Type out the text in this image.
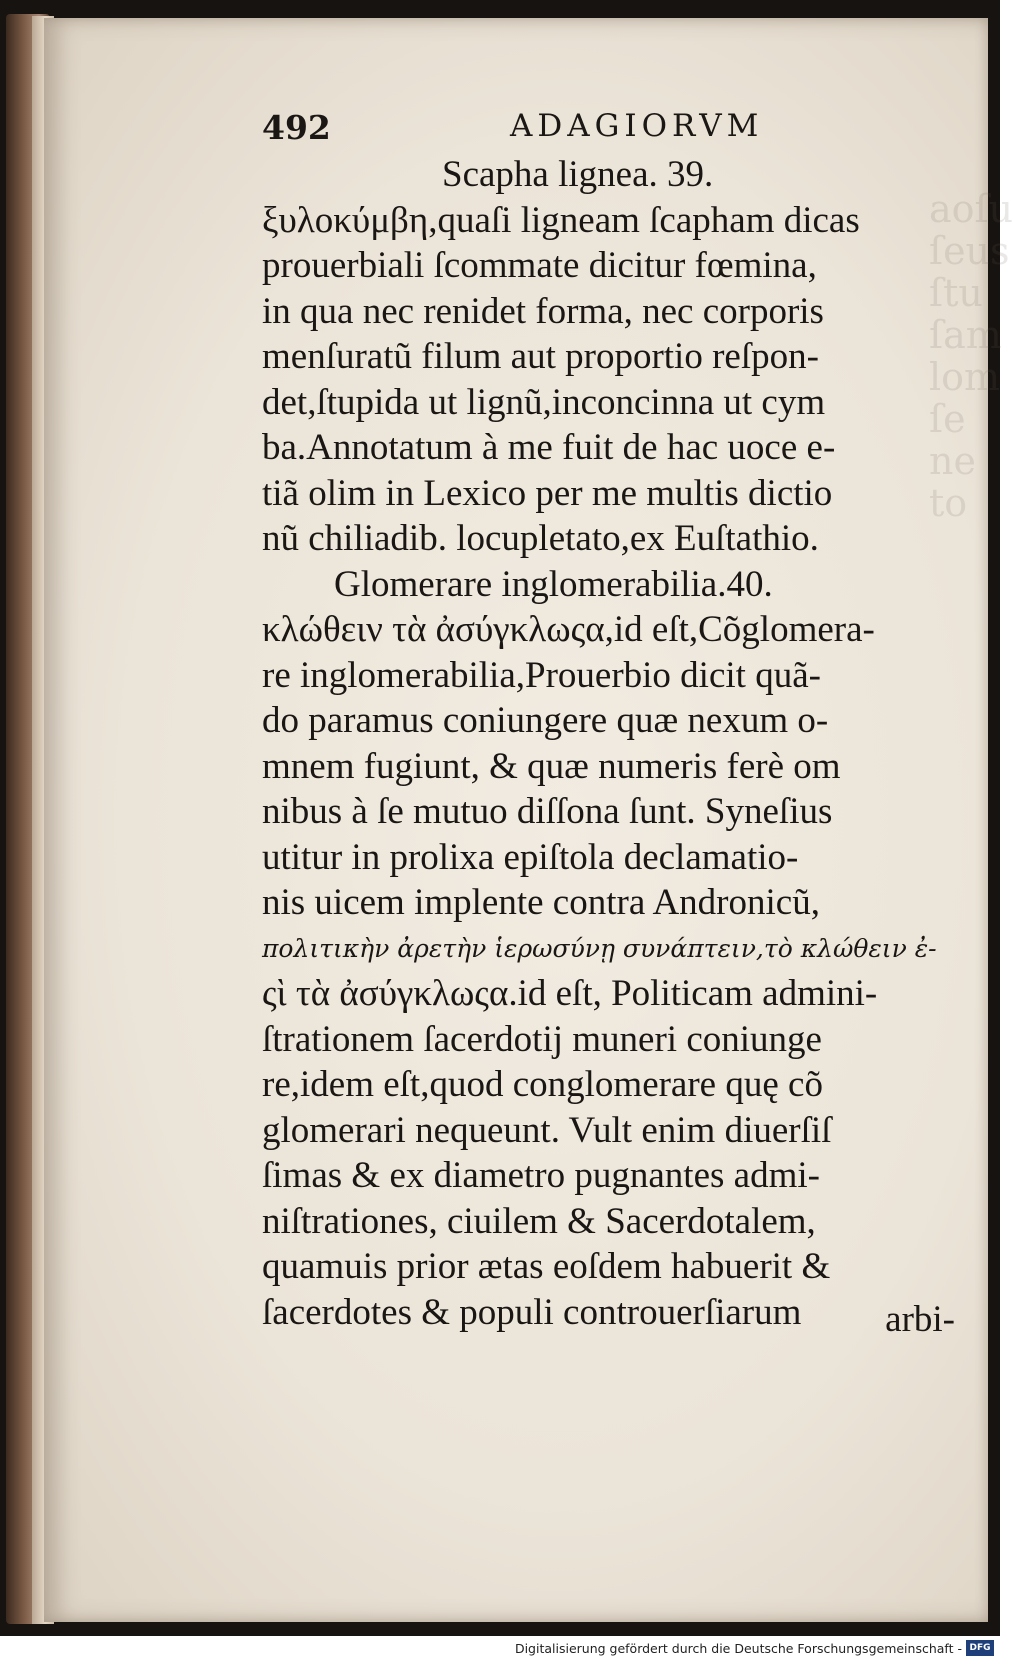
aoſu
ſeus
ſtu
ſam
lom
ſe
ne
to
492	ADAGIORVM
Scapha lignea. 39.
ξυλοκύμβη,quaſi ligneam ſcapham dicas
prouerbiali ſcommate dicitur fœmina,
in qua nec renidet forma, nec corporis
menſuratũ filum aut proportio reſpon-
det,ſtupida ut lignũ,inconcinna ut cym
ba.Annotatum à me fuit de hac uoce e-
tiã olim in Lexico per me multis dictio
nũ chiliadib. locupletato,ex Euſtathio.
Glomerare inglomerabilia.40.
κλώθειν τὰ ἀσύγκλωςα,id eſt,Cõglomera-
re inglomerabilia,Prouerbio dicit quã-
do paramus coniungere quæ nexum o-
mnem fugiunt, & quæ numeris ferè om
nibus à ſe mutuo diſſona ſunt. Syneſius
utitur in prolixa epiſtola declamatio-
nis uicem implente contra Andronicũ,
πολιτικὴν ἀρετὴν ἱερωσύνῃ συνάπτειν,τὸ κλώθειν ἐ-
ςὶ τὰ ἀσύγκλωςα.id eſt, Politicam admini-
ſtrationem ſacerdotij muneri coniunge
re,idem eſt,quod conglomerare quę cõ
glomerari nequeunt. Vult enim diuerſiſ
ſimas & ex diametro pugnantes admi-
niſtrationes, ciuilem & Sacerdotalem,
quamuis prior ætas eoſdem habuerit &
ſacerdotes & populi controuerſiarum	arbi-
Digitalisierung gefördert durch die Deutsche Forschungsgemeinschaft - DFG
